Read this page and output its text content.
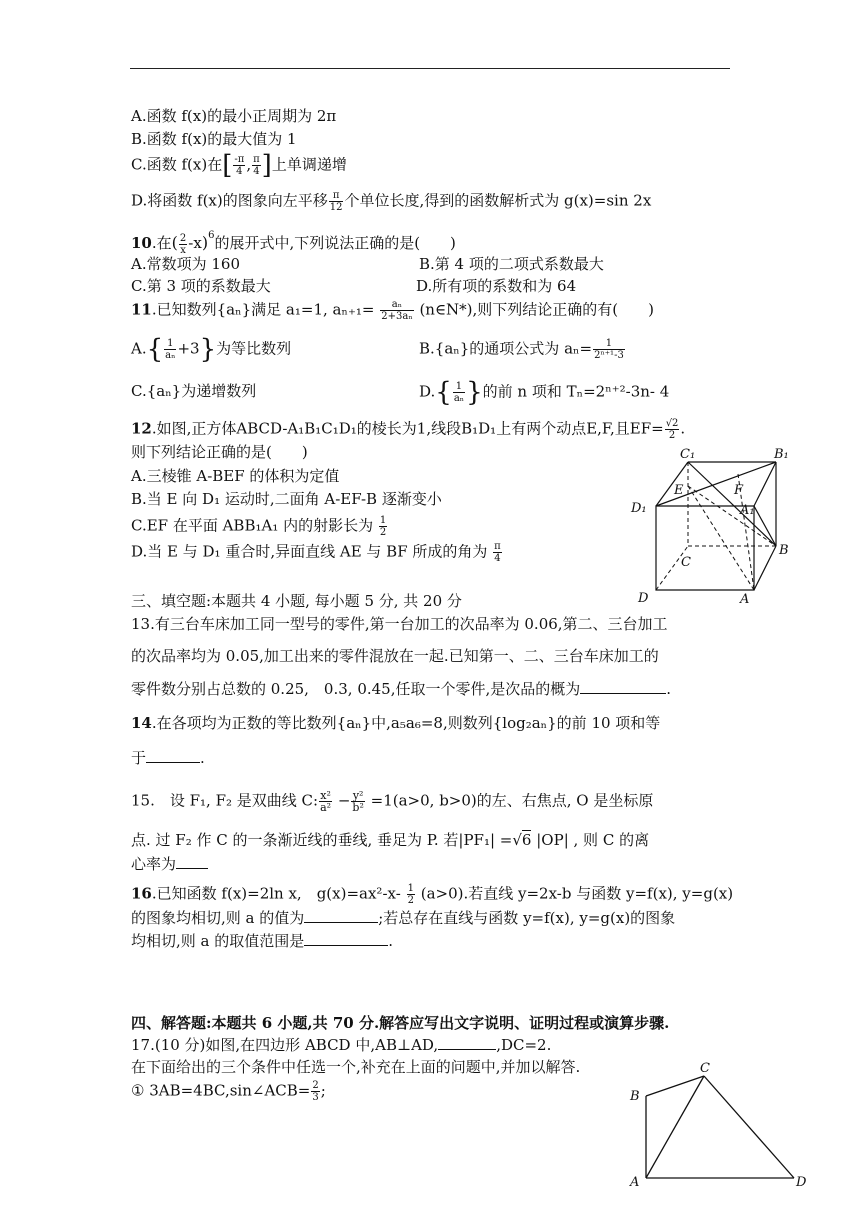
A.函数 f(x)的最小正周期为 2π
B.函数 f(x)的最大值为 1
C.函数 f(x)在[ $\frac{-\pi}{4}$ , $\frac{\pi}{4}$ ]上单调递增
D.将函数 f(x)的图象向左平移 $\frac{\pi}{12}$ 个单位长度,得到的函数解析式为 g(x)=sin 2x
10.在( $\frac{2}{x} -x)^6$的展开式中,下列说法正确的是(　　)
A.常数项为 160	B.第 4 项的二项式系数最大
C.第 3 项的系数最大	D.所有项的系数和为 64
11.已知数列{aₙ}满足 a₁=1, $a_{n+1}= \frac{\text{aₙ}}{\text{2+3aₙ}}$ (n∈N*),则下列结论正确的有(　　)
$A.\{ \frac{1}{\text{aₙ}} +3\}$为等比数列	B.{aₙ}的通项公式为 $a_n= \frac{1}{\text{2ⁿ⁺¹-3}}$
C.{aₙ}为递增数列	$D.\{ \frac{1}{\text{aₙ}}$ }的前 n 项和 Tₙ=2ⁿ⁺²-3n- 4
12.如图,正方体ABCD-A₁B₁C₁D₁的棱长为1,线段B₁D₁上有两个动点E,F,且$EF= \frac{√2}{2}$ .
则下列结论正确的是(　　)
A.三棱锥 A-BEF 的体积为定值
B.当 E 向 D₁ 运动时,二面角 A-EF-B 逐渐变小
C.EF 在平面 ABB₁A₁ 内的射影长为 $\frac{1}{2}$
D.当 E 与 D₁ 重合时,异面直线 AE 与 BF 所成的角为 $\frac{\pi}{4}$
C₁	B₁
E	F
D₁	A₁
B
C
D	A
三、填空题:本题共 4 小题, 每小题 5 分, 共 20 分
13.有三台车床加工同一型号的零件,第一台加工的次品率为 0.06,第二、三台加工
的次品率均为 0.05,加工出来的零件混放在一起.已知第一、二、三台车床加工的
零件数分别占总数的 0.25,　0.3, 0.45,任取一个零件,是次品的概为	.
14.在各项均为正数的等比数列{aₙ}中,a₅a₆=8,则数列{log₂aₙ}的前 10 项和等
于	.
15.　设 F₁, F₂ 是双曲线 C: $\frac{\text{x²}}{\text{a²}} - \frac{\text{y²}}{\text{b²}} =1(a>0$, b>0)的左、右焦点, O 是坐标原
点. 过 F₂ 作 C 的一条渐近线的垂线, 垂足为 P. 若|PF₁| =√6 |OP| , 则 C 的离
心率为
16.已知函数 f(x)=2ln x,　$g(x)=ax^2-x- \frac{1}{2} (a>0)$.若直线 y=2x-b 与函数 y=f(x), y=g(x)
的图象均相切,则 a 的值为	;若总存在直线与函数 y=f(x), y=g(x)的图象
均相切,则 a 的取值范围是	.
四、解答题:本题共 6 小题,共 70 分.解答应写出文字说明、证明过程或演算步骤.
17.(10 分)如图,在四边形 ABCD 中,AB⊥AD,	,DC=2.
在下面给出的三个条件中任选一个,补充在上面的问题中,并加以解答.
① 3AB=4BC,sin∠ACB= $\frac{2}{3}$ ;
C
B
A	D
